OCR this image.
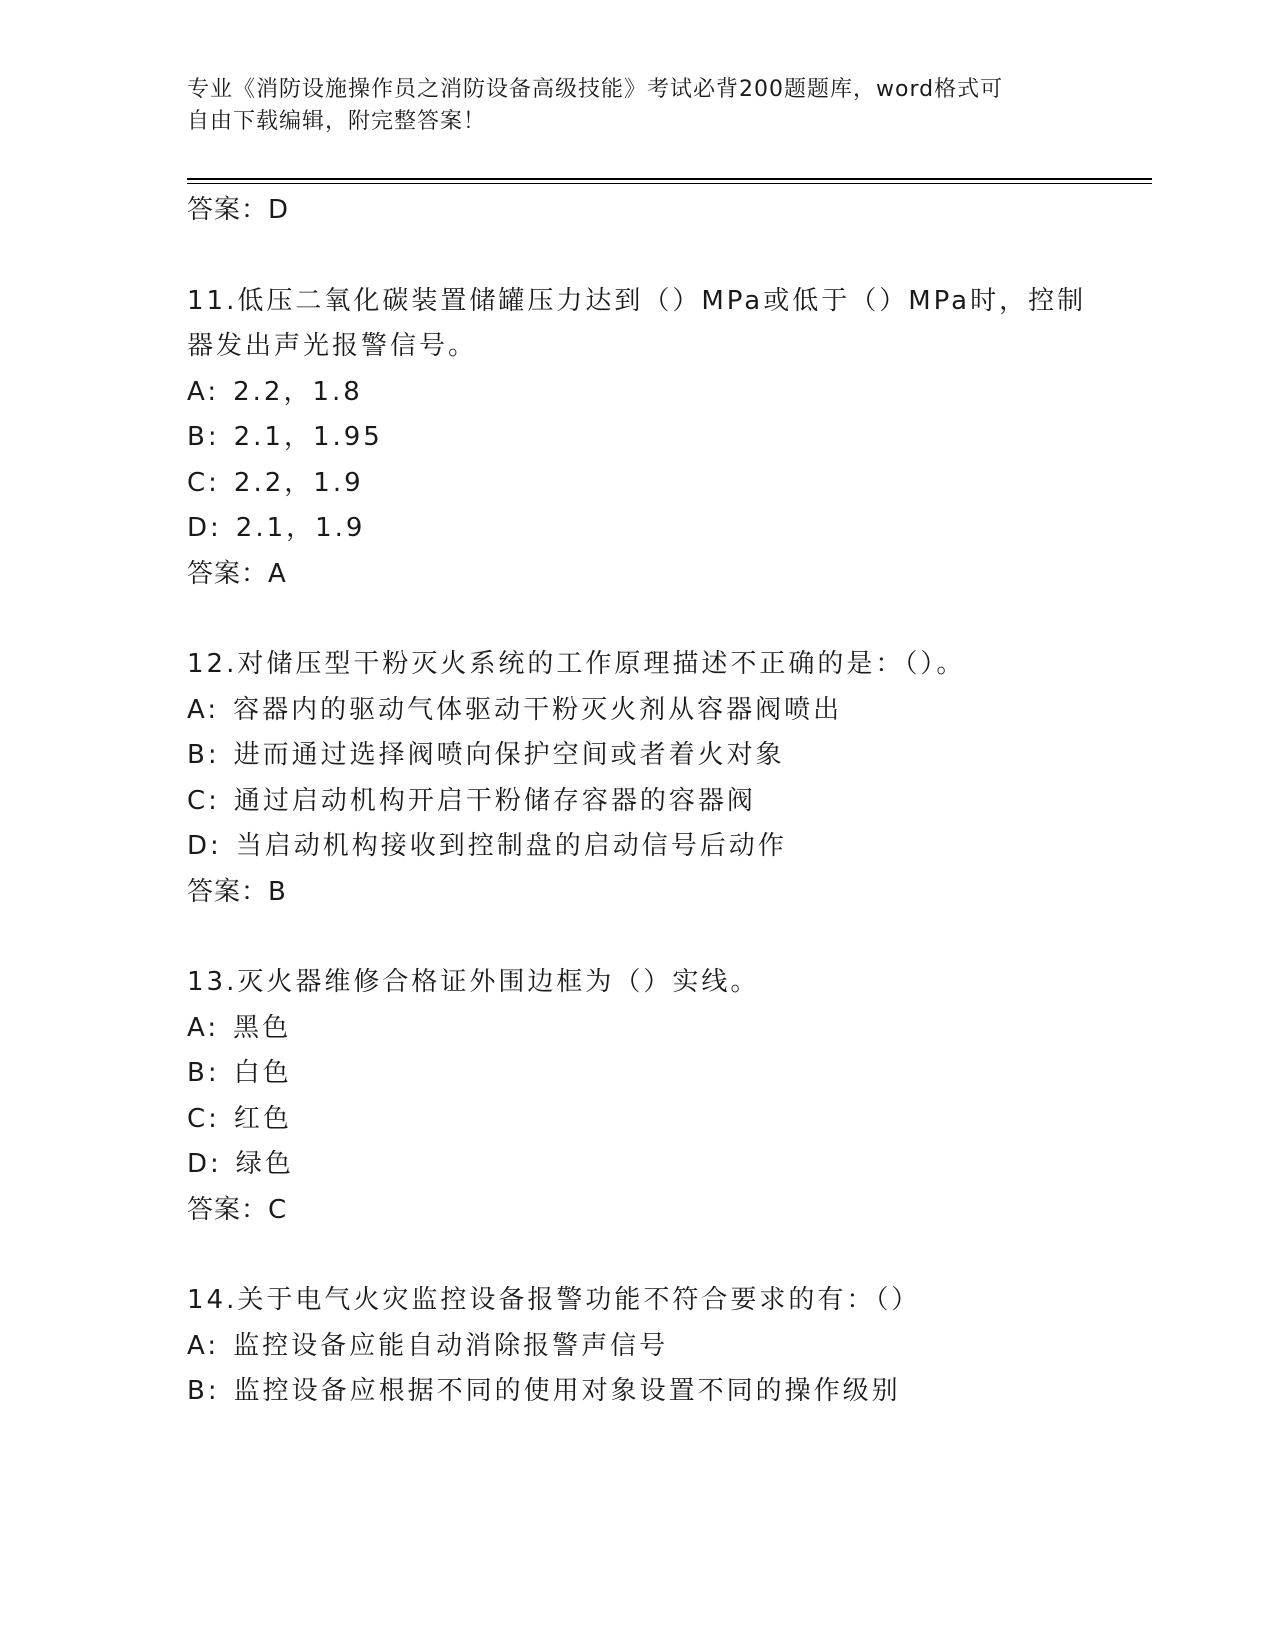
专业《消防设施操作员之消防设备高级技能》考试必背200题题库，word格式可
自由下载编辑，附完整答案！
答案：D
11.低压二氧化碳装置储罐压力达到（）MPa或低于（）MPa时，控制
器发出声光报警信号。
A: 2.2，1.8
B: 2.1，1.95
C: 2.2，1.9
D: 2.1，1.9
答案：A
12.对储压型干粉灭火系统的工作原理描述不正确的是：（）。
A: 容器内的驱动气体驱动干粉灭火剂从容器阀喷出
B: 进而通过选择阀喷向保护空间或者着火对象
C: 通过启动机构开启干粉储存容器的容器阀
D: 当启动机构接收到控制盘的启动信号后动作
答案：B
13.灭火器维修合格证外围边框为（）实线。
A: 黑色
B: 白色
C: 红色
D: 绿色
答案：C
14.关于电气火灾监控设备报警功能不符合要求的有：（）
A: 监控设备应能自动消除报警声信号
B: 监控设备应根据不同的使用对象设置不同的操作级别
